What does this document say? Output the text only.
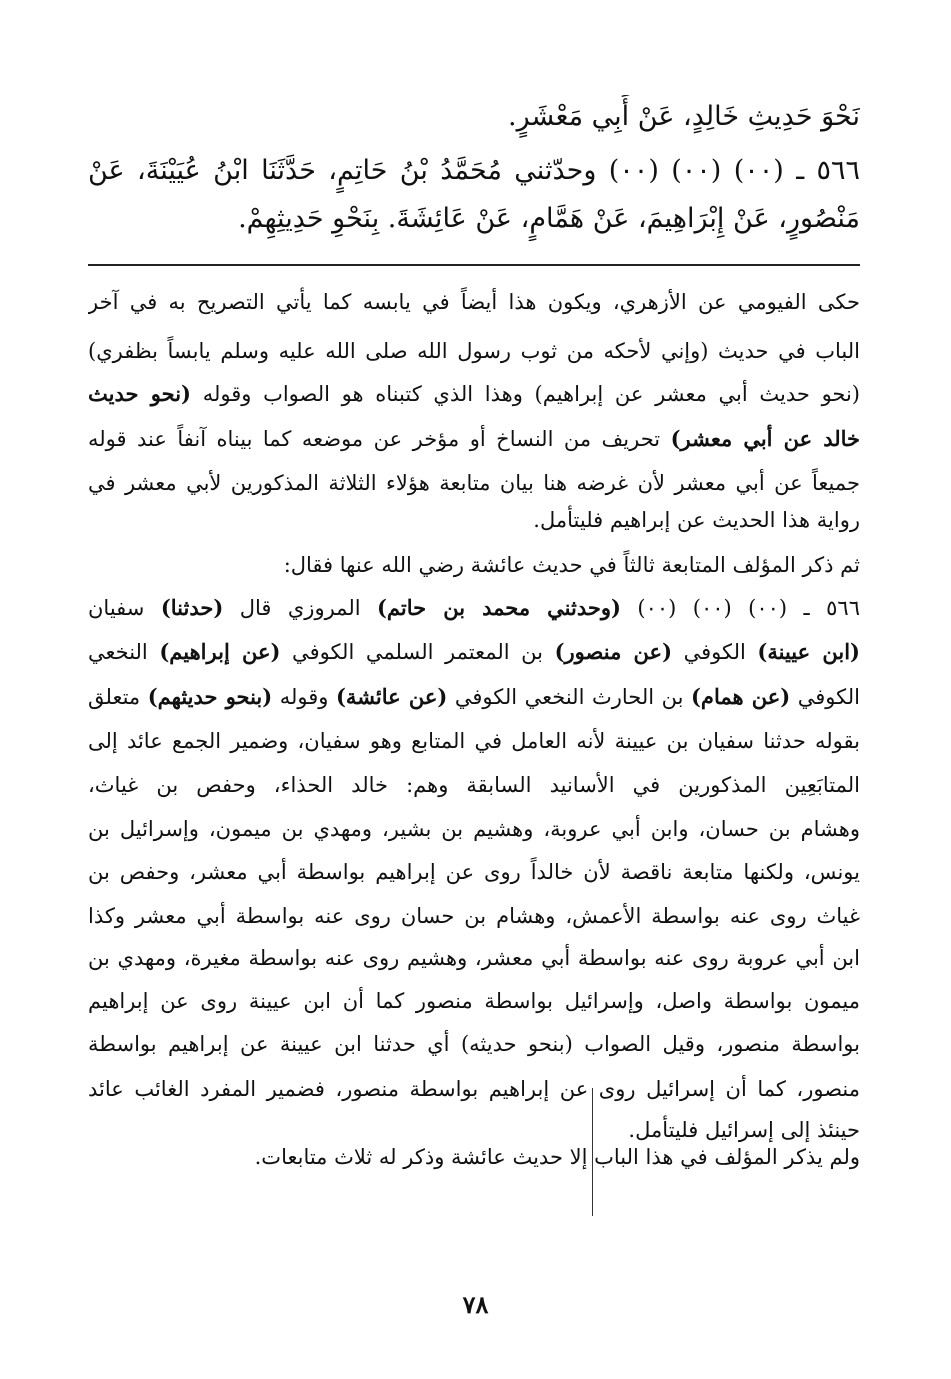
نَحْوَ حَدِيثِ خَالِدٍ، عَنْ أَبِي مَعْشَرٍ.
٥٦٦ ـ (٠٠) (٠٠) (٠٠) وحدّثني مُحَمَّدُ بْنُ حَاتِمٍ، حَدَّثَنَا ابْنُ عُيَيْنَةَ، عَنْ
مَنْصُورٍ، عَنْ إِبْرَاهِيمَ، عَنْ هَمَّامٍ، عَنْ عَائِشَةَ. بِنَحْوِ حَدِيثِهِمْ.
حكى الفيومي عن الأزهري، ويكون هذا أيضاً في يابسه كما يأتي التصريح به في آخر
الباب في حديث (وإني لأحكه من ثوب رسول الله صلى الله عليه وسلم يابساً بظفري)
(نحو حديث أبي معشر عن إبراهيم) وهذا الذي كتبناه هو الصواب وقوله (نحو حديث
خالد عن أبي معشر) تحريف من النساخ أو مؤخر عن موضعه كما بيناه آنفاً عند قوله
جميعاً عن أبي معشر لأن غرضه هنا بيان متابعة هؤلاء الثلاثة المذكورين لأبي معشر في
رواية هذا الحديث عن إبراهيم فليتأمل.
ثم ذكر المؤلف المتابعة ثالثاً في حديث عائشة رضي الله عنها فقال:
٥٦٦ ـ (٠٠) (٠٠) (٠٠) (وحدثني محمد بن حاتم) المروزي قال (حدثنا) سفيان
(ابن عيينة) الكوفي (عن منصور) بن المعتمر السلمي الكوفي (عن إبراهيم) النخعي
الكوفي (عن همام) بن الحارث النخعي الكوفي (عن عائشة) وقوله (بنحو حديثهم) متعلق
بقوله حدثنا سفيان بن عيينة لأنه العامل في المتابع وهو سفيان، وضمير الجمع عائد إلى
المتابَعِين المذكورين في الأسانيد السابقة وهم: خالد الحذاء، وحفص بن غياث،
وهشام بن حسان، وابن أبي عروبة، وهشيم بن بشير، ومهدي بن ميمون، وإسرائيل بن
يونس، ولكنها متابعة ناقصة لأن خالداً روى عن إبراهيم بواسطة أبي معشر، وحفص بن
غياث روى عنه بواسطة الأعمش، وهشام بن حسان روى عنه بواسطة أبي معشر وكذا
ابن أبي عروبة روى عنه بواسطة أبي معشر، وهشيم روى عنه بواسطة مغيرة، ومهدي بن
ميمون بواسطة واصل، وإسرائيل بواسطة منصور كما أن ابن عيينة روى عن إبراهيم
بواسطة منصور، وقيل الصواب (بنحو حديثه) أي حدثنا ابن عيينة عن إبراهيم بواسطة
منصور، كما أن إسرائيل روى عن إبراهيم بواسطة منصور، فضمير المفرد الغائب عائد
حينئذ إلى إسرائيل فليتأمل.
ولم يذكر المؤلف في هذا الباب إلا حديث عائشة وذكر له ثلاث متابعات.
٧٨
